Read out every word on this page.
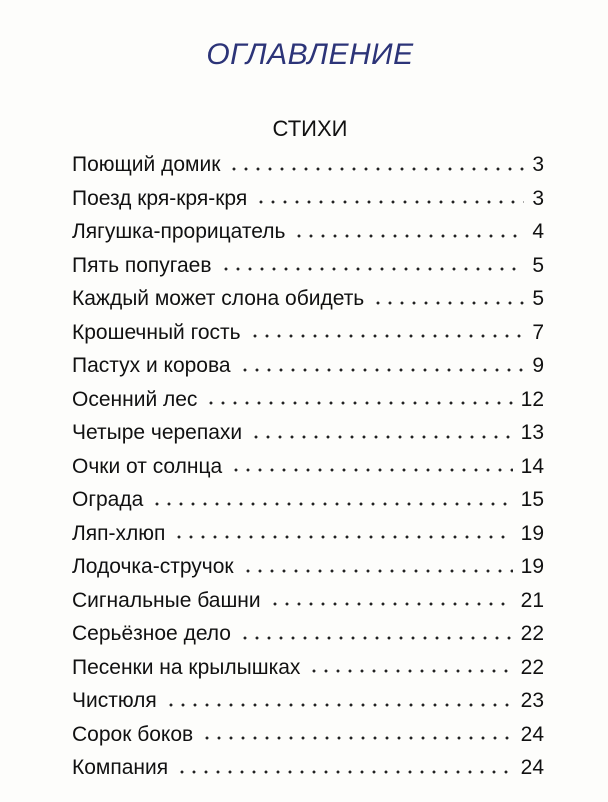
ОГЛАВЛЕНИЕ
СТИХИ
Поющий домик	3
Поезд кря-кря-кря	3
Лягушка-прорицатель	4
Пять попугаев	5
Каждый может слона обидеть	5
Крошечный гость	7
Пастух и корова	9
Осенний лес	12
Четыре черепахи	13
Очки от солнца	14
Ограда	15
Ляп-хлюп	19
Лодочка-стручок	19
Сигнальные башни	21
Серьёзное дело	22
Песенки на крылышках	22
Чистюля	23
Сорок боков	24
Компания	24
